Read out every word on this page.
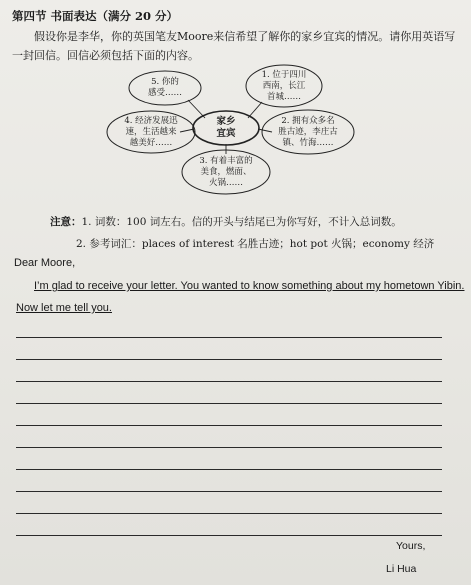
第四节 书面表达（满分 20 分）

假设你是李华，你的英国笔友Moore来信希望了解你的家乡宜宾的情况。请你用英语写一封回信。回信必须包括下面的内容。

家乡
宜宾
5. 你的
感受……
1. 位于四川
西南，长江
首城……
4. 经济发展迅
速，生活越来
越美好……
2. 拥有众多名
胜古迹，李庄古
镇、竹海……
3. 有着丰富的
美食，燃面、
火锅……
注意：1. 词数：100 词左右。信的开头与结尾已为你写好，不计入总词数。
2. 参考词汇：places of interest 名胜古迹；hot pot 火锅；economy 经济
Dear Moore,
I’m glad to receive your letter. You wanted to know something about my hometown Yibin.
Now let me tell you.
Yours,
Li Hua
